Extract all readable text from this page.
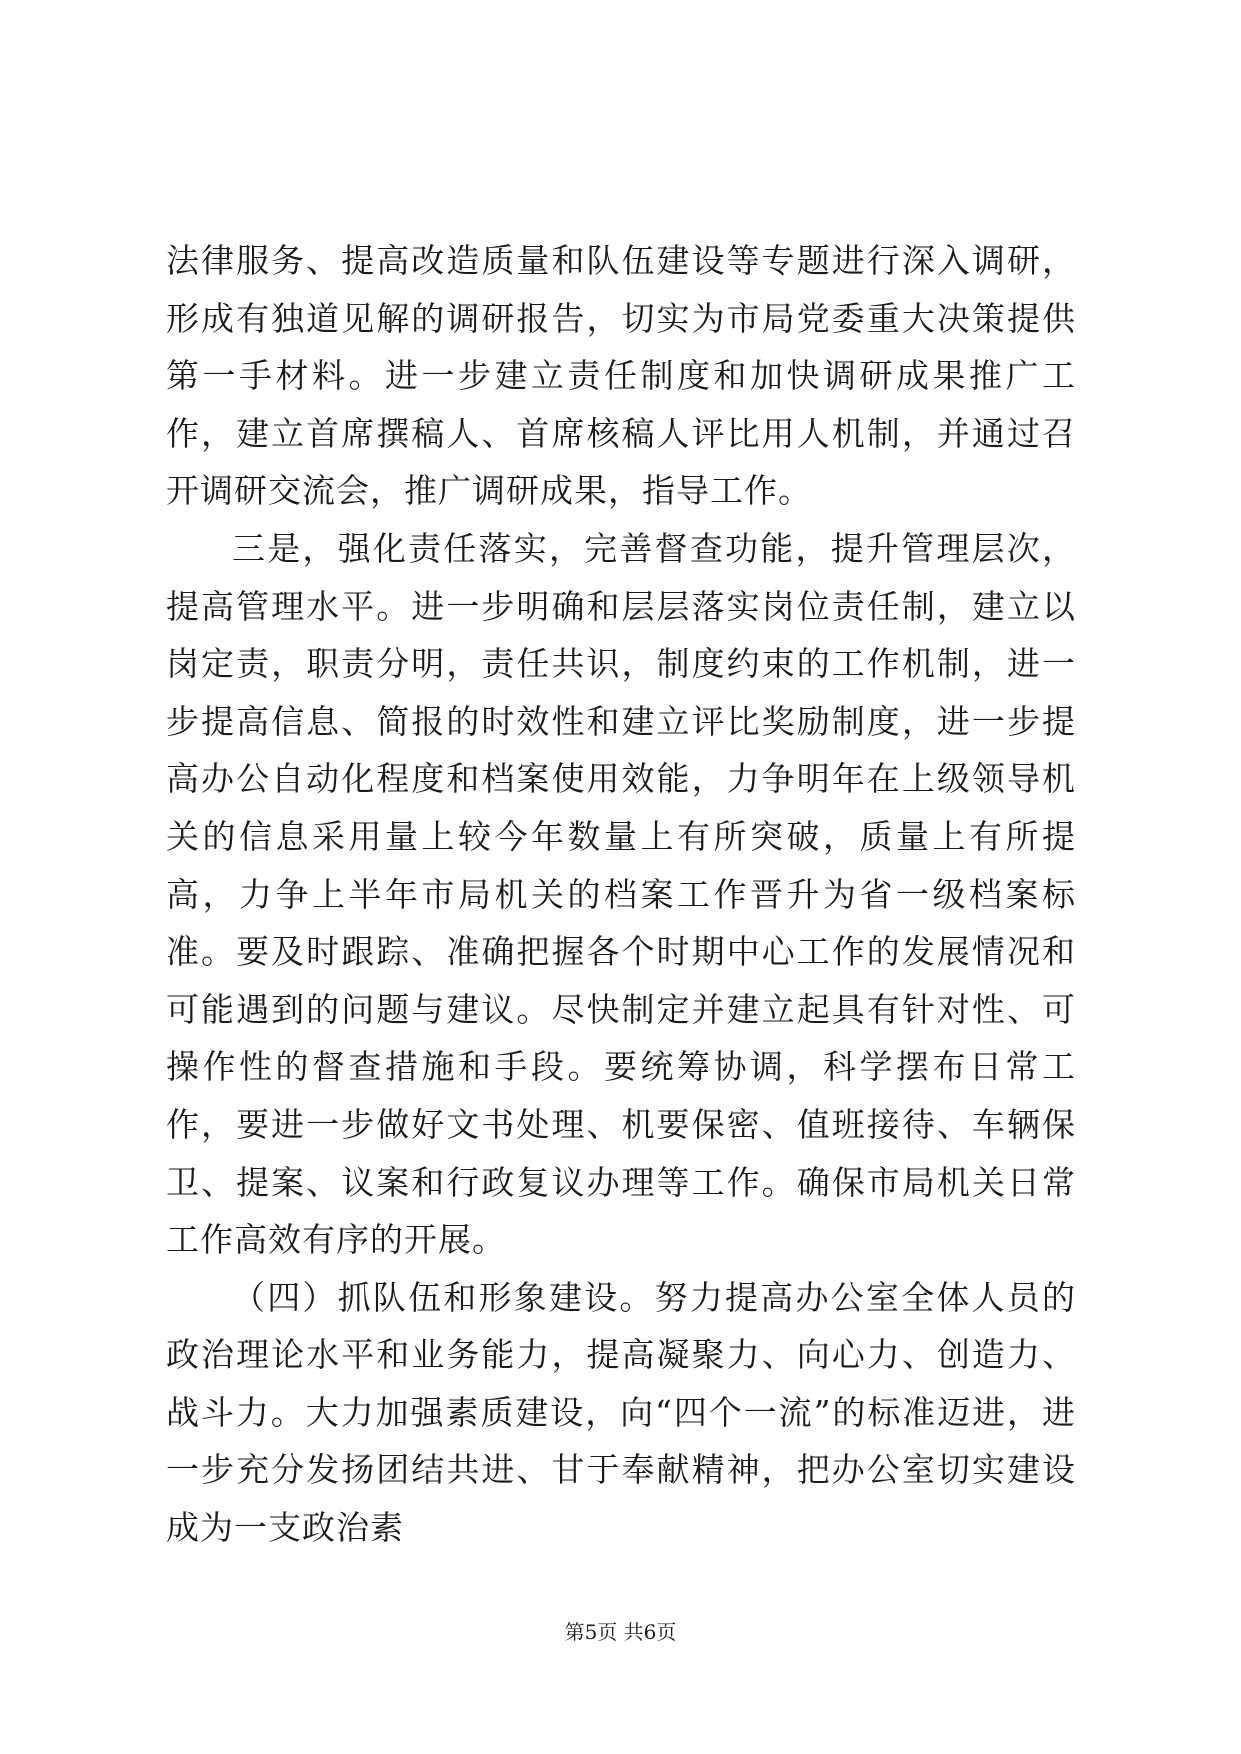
法律服务、提高改造质量和队伍建设等专题进行深入调研，形成有独道见解的调研报告，切实为市局党委重大决策提供第一手材料。进一步建立责任制度和加快调研成果推广工作，建立首席撰稿人、首席核稿人评比用人机制，并通过召开调研交流会，推广调研成果，指导工作。

三是，强化责任落实，完善督查功能，提升管理层次，提高管理水平。进一步明确和层层落实岗位责任制，建立以岗定责，职责分明，责任共识，制度约束的工作机制，进一步提高信息、简报的时效性和建立评比奖励制度，进一步提高办公自动化程度和档案使用效能，力争明年在上级领导机关的信息采用量上较今年数量上有所突破，质量上有所提高，力争上半年市局机关的档案工作晋升为省一级档案标准。要及时跟踪、准确把握各个时期中心工作的发展情况和可能遇到的问题与建议。尽快制定并建立起具有针对性、可操作性的督查措施和手段。要统筹协调，科学摆布日常工作，要进一步做好文书处理、机要保密、值班接待、车辆保卫、提案、议案和行政复议办理等工作。确保市局机关日常工作高效有序的开展。

（四）抓队伍和形象建设。努力提高办公室全体人员的政治理论水平和业务能力，提高凝聚力、向心力、创造力、战斗力。大力加强素质建设，向“四个一流”的标准迈进，进一步充分发扬团结共进、甘于奉献精神，把办公室切实建设成为一支政治素

第5页 共6页
